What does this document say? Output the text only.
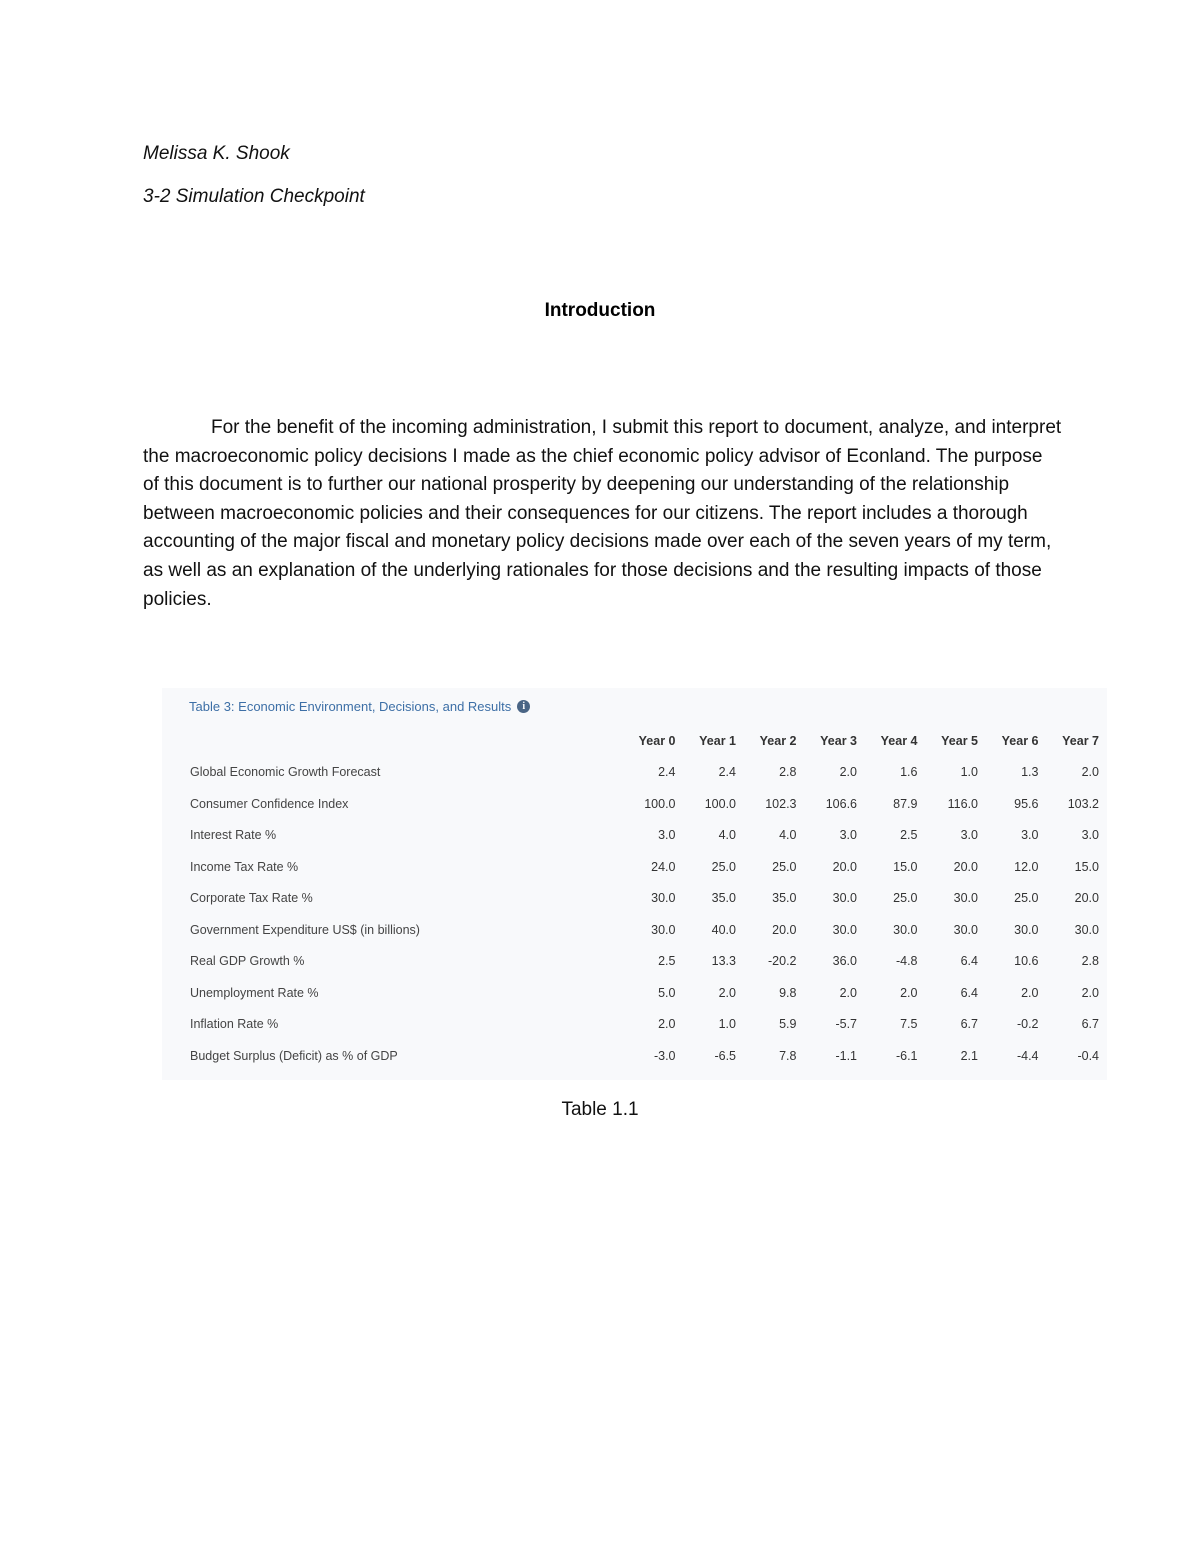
Melissa K. Shook
3-2 Simulation Checkpoint
Introduction

For the benefit of the incoming administration, I submit this report to document, analyze, and interpret the macroeconomic policy decisions I made as the chief economic policy advisor of Econland. The purpose of this document is to further our national prosperity by deepening our understanding of the relationship between macroeconomic policies and their consequences for our citizens. The report includes a thorough accounting of the major fiscal and monetary policy decisions made over each of the seven years of my term, as well as an explanation of the underlying rationales for those decisions and the resulting impacts of those policies.

Table 3: Economic Environment, Decisions, and Results	i
	Year 0	Year 1	Year 2	Year 3	Year 4	Year 5	Year 6	Year 7
Global Economic Growth Forecast	2.4	2.4	2.8	2.0	1.6	1.0	1.3	2.0
Consumer Confidence Index	100.0	100.0	102.3	106.6	87.9	116.0	95.6	103.2
Interest Rate %	3.0	4.0	4.0	3.0	2.5	3.0	3.0	3.0
Income Tax Rate %	24.0	25.0	25.0	20.0	15.0	20.0	12.0	15.0
Corporate Tax Rate %	30.0	35.0	35.0	30.0	25.0	30.0	25.0	20.0
Government Expenditure US$ (in billions)	30.0	40.0	20.0	30.0	30.0	30.0	30.0	30.0
Real GDP Growth %	2.5	13.3	-20.2	36.0	-4.8	6.4	10.6	2.8
Unemployment Rate %	5.0	2.0	9.8	2.0	2.0	6.4	2.0	2.0
Inflation Rate %	2.0	1.0	5.9	-5.7	7.5	6.7	-0.2	6.7
Budget Surplus (Deficit) as % of GDP	-3.0	-6.5	7.8	-1.1	-6.1	2.1	-4.4	-0.4
Table 1.1
